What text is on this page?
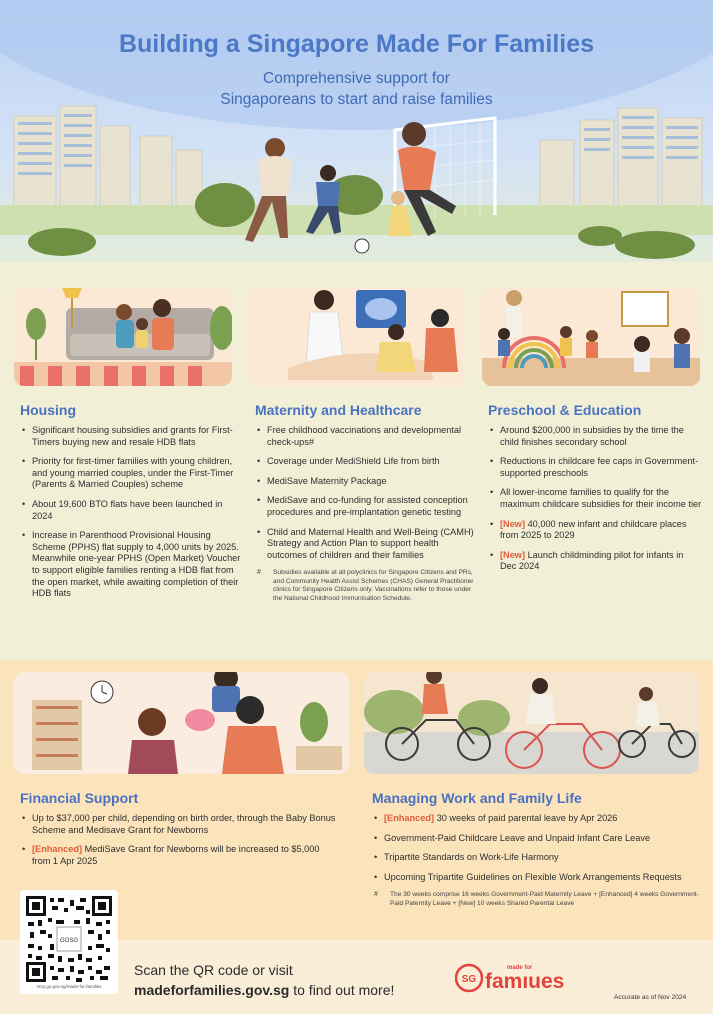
Building a Singapore Made For Families
Comprehensive support for
Singaporeans to start and raise families
Housing
• Significant housing subsidies and grants for First-Timers buying new and resale HDB flats
• Priority for first-timer families with young children, and young married couples, under the First-Timer (Parents & Married Couples) scheme
• About 19,600 BTO flats have been launched in 2024
• Increase in Parenthood Provisional Housing Scheme (PPHS) flat supply to 4,000 units by 2025. Meanwhile one-year PPHS (Open Market) Voucher to support eligible families renting a HDB flat from the open market, while awaiting completion of their HDB flats
Maternity and Healthcare
• Free childhood vaccinations and developmental check-ups#
• Coverage under MediShield Life from birth
• MediSave Maternity Package
• MediSave and co-funding for assisted conception procedures and pre-implantation genetic testing
• Child and Maternal Health and Well-Being (CAMH) Strategy and Action Plan to support health outcomes of children and their families
# Subsidies available at all polyclinics for Singapore Citizens and PRs, and Community Health Assist Schemes (CHAS) General Practitioner clinics for Singapore Citizens only. Vaccinations refer to those under the National Childhood Immunisation Schedule.
Preschool & Education
• Around $200,000 in subsidies by the time the child finishes secondary school
• Reductions in childcare fee caps in Government-supported preschools
• All lower-income families to qualify for the maximum childcare subsidies for their income tier
• [New] 40,000 new infant and childcare places from 2025 to 2029
• [New] Launch childminding pilot for infants in Dec 2024
Financial Support
• Up to $37,000 per child, depending on birth order, through the Baby Bonus Scheme and Medisave Grant for Newborns
• [Enhanced] MediSave Grant for Newborns will be increased to $5,000 from 1 Apr 2025
Managing Work and Family Life
• [Enhanced] 30 weeks of paid parental leave by Apr 2026
• Government-Paid Childcare Leave and Unpaid Infant Care Leave
• Tripartite Standards on Work-Life Harmony
• Upcoming Tripartite Guidelines on Flexible Work Arrangements Requests
# The 30 weeks comprise 16 weeks Government-Paid Maternity Leave + [Enhanced] 4 weeks Government-Paid Paternity Leave + [New] 10 weeks Shared Parental Leave
GOSG
mcp.go.gov.sg/made-for-families
Scan the QR code or visit
madeforfamilies.gov.sg to find out more!
SG
made for
famıues
Accurate as of Nov 2024
